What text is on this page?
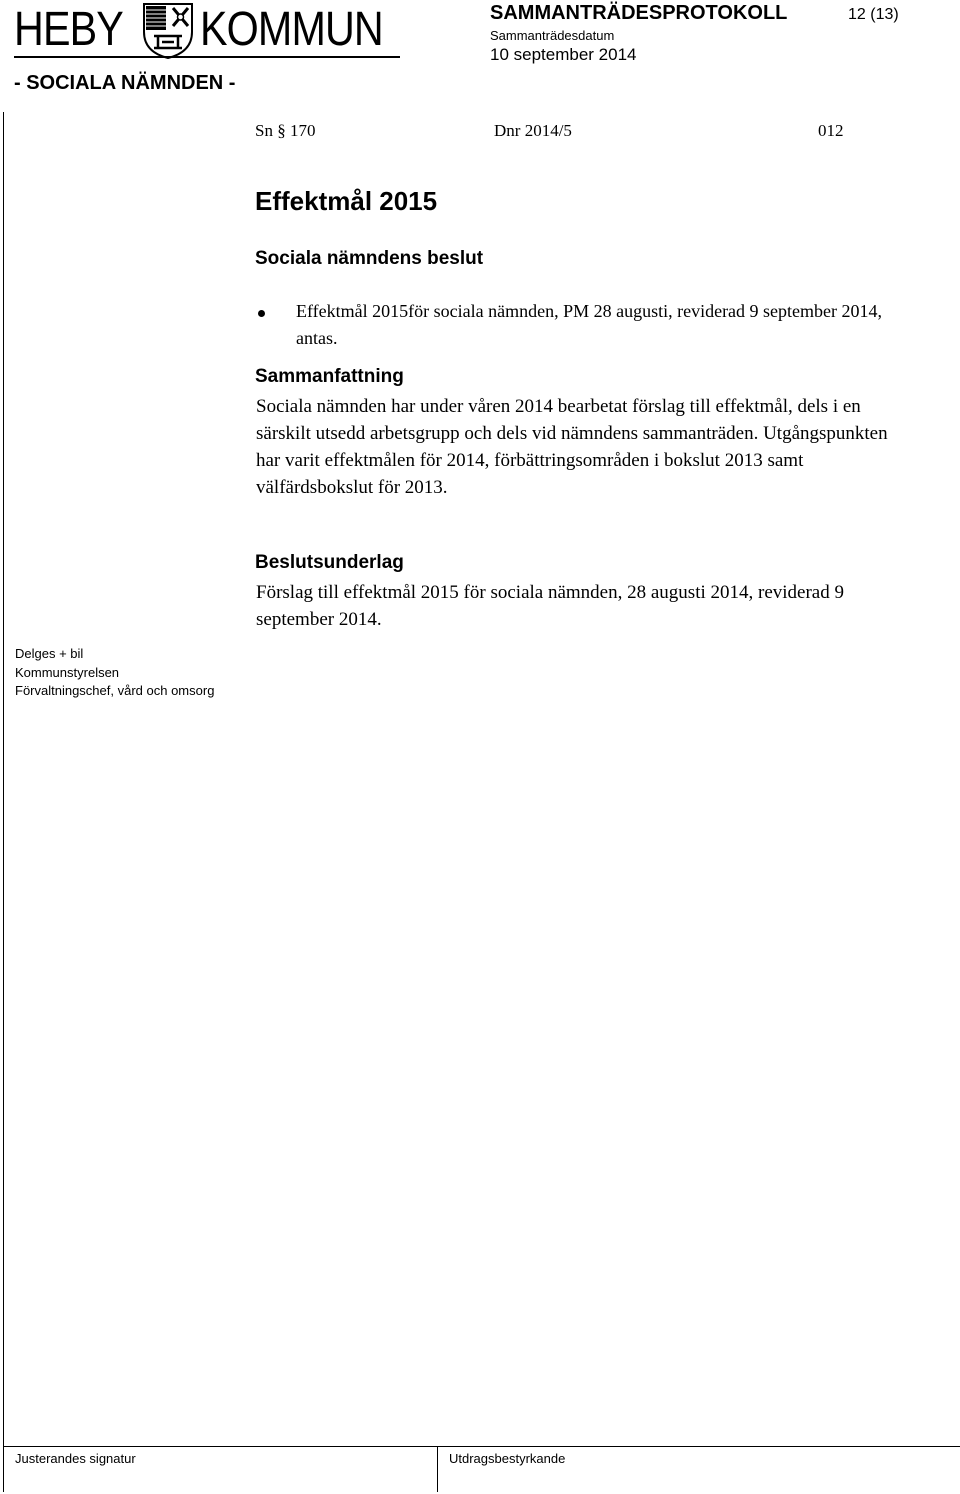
HEBY KOMMUN	SAMMANTRÄDESPROTOKOLL	12 (13)
Sammanträdesdatum
10 september 2014
- SOCIALA NÄMNDEN -
Sn § 170	Dnr 2014/5	012
Effektmål 2015
Sociala nämndens beslut
Effektmål 2015för sociala nämnden, PM 28 augusti, reviderad 9 september 2014, antas.
Sammanfattning
Sociala nämnden har under våren 2014 bearbetat förslag till effektmål, dels i en särskilt utsedd arbetsgrupp och dels vid nämndens sammanträden. Utgångspunkten har varit effektmålen för 2014, förbättringsområden i bokslut 2013 samt välfärdsbokslut för 2013.
Beslutsunderlag
Förslag till effektmål 2015 för sociala nämnden, 28 augusti 2014, reviderad 9 september 2014.
Delges + bil
Kommunstyrelsen
Förvaltningschef, vård och omsorg
Justerandes signatur	Utdragsbestyrkande
